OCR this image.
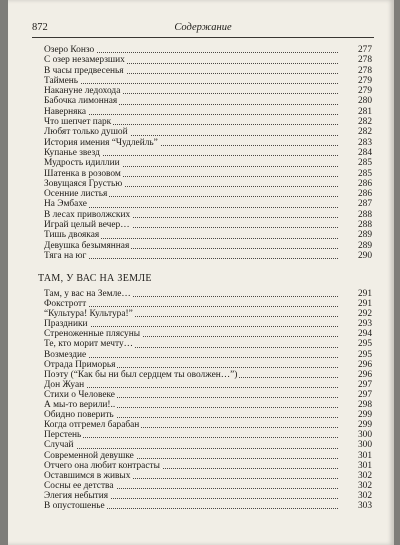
872	Содержание
Озеро Конзо	277
С озер незамерзших	278
В часы предвесенья	278
Таймень	279
Накануне ледохода	279
Бабочка лимонная	280
Наверняка	281
Что шепчет парк	282
Любят только душой	282
История имения “Чудлейль”	283
Купанье звезд	284
Мудрость идиллии	285
Шатенка в розовом	285
Зовущаяся Грустью	286
Осенние листья	286
На Эмбахе	287
В лесах приволжских	288
Играй целый вечер…	288
Тишь двоякая	289
Девушка безымянная	289
Тяга на юг	290
ТАМ, У ВАС НА ЗЕМЛЕ
Там, у вас на Земле…	291
Фокстротт	291
“Культура! Культура!”	292
Праздники	293
Стреноженные плясуны	294
Те, кто морит мечту…	295
Возмездие	295
Отрада Приморья	296
Поэту (“Как бы ни был сердцем ты оволжен…”)	296
Дон Жуан	297
Стихи о Человеке	297
А мы-то верили!..	298
Обидно поверить	299
Когда отгремел барабан	299
Перстень	300
Случай	300
Современной девушке	301
Отчего она любит контрасты	301
Оставшимся в живых	302
Сосны ее детства	302
Элегия небытия	302
В опустошенье	303
